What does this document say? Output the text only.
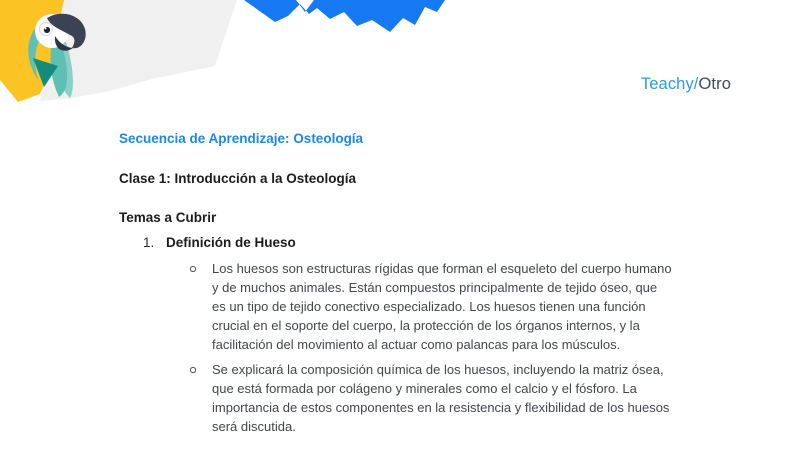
Teachy/Otro
Secuencia de Aprendizaje: Osteología
Clase 1: Introducción a la Osteología
Temas a Cubrir
1. Definición de Hueso
Los huesos son estructuras rígidas que forman el esqueleto del cuerpo humano y de muchos animales. Están compuestos principalmente de tejido óseo, que es un tipo de tejido conectivo especializado. Los huesos tienen una función crucial en el soporte del cuerpo, la protección de los órganos internos, y la facilitación del movimiento al actuar como palancas para los músculos.
Se explicará la composición química de los huesos, incluyendo la matriz ósea, que está formada por colágeno y minerales como el calcio y el fósforo. La importancia de estos componentes en la resistencia y flexibilidad de los huesos será discutida.
